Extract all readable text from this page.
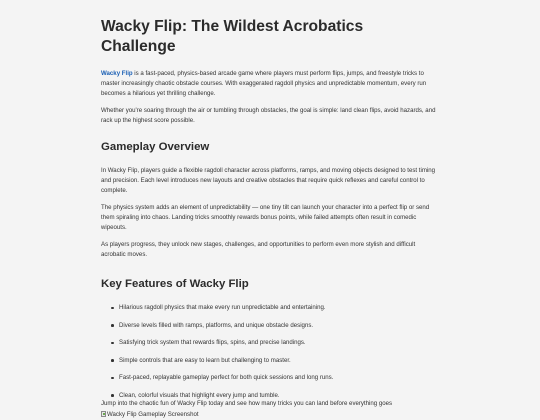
Wacky Flip: The Wildest Acrobatics Challenge

Wacky Flip is a fast-paced, physics-based arcade game where players must perform flips, jumps, and freestyle tricks to master increasingly chaotic obstacle courses. With exaggerated ragdoll physics and unpredictable momentum, every run becomes a hilarious yet thrilling challenge.

Whether you're soaring through the air or tumbling through obstacles, the goal is simple: land clean flips, avoid hazards, and rack up the highest score possible.

Gameplay Overview

In Wacky Flip, players guide a flexible ragdoll character across platforms, ramps, and moving objects designed to test timing and precision. Each level introduces new layouts and creative obstacles that require quick reflexes and careful control to complete.

The physics system adds an element of unpredictability — one tiny tilt can launch your character into a perfect flip or send them spiraling into chaos. Landing tricks smoothly rewards bonus points, while failed attempts often result in comedic wipeouts.

As players progress, they unlock new stages, challenges, and opportunities to perform even more stylish and difficult acrobatic moves.

Key Features of Wacky Flip
Hilarious ragdoll physics that make every run unpredictable and entertaining.
Diverse levels filled with ramps, platforms, and unique obstacle designs.
Satisfying trick system that rewards flips, spins, and precise landings.
Simple controls that are easy to learn but challenging to master.
Fast-paced, replayable gameplay perfect for both quick sessions and long runs.
Clean, colorful visuals that highlight every jump and tumble.
Wacky Flip Gameplay Screenshot
Jump into the chaotic fun of Wacky Flip today and see how many tricks you can land before everything goes
